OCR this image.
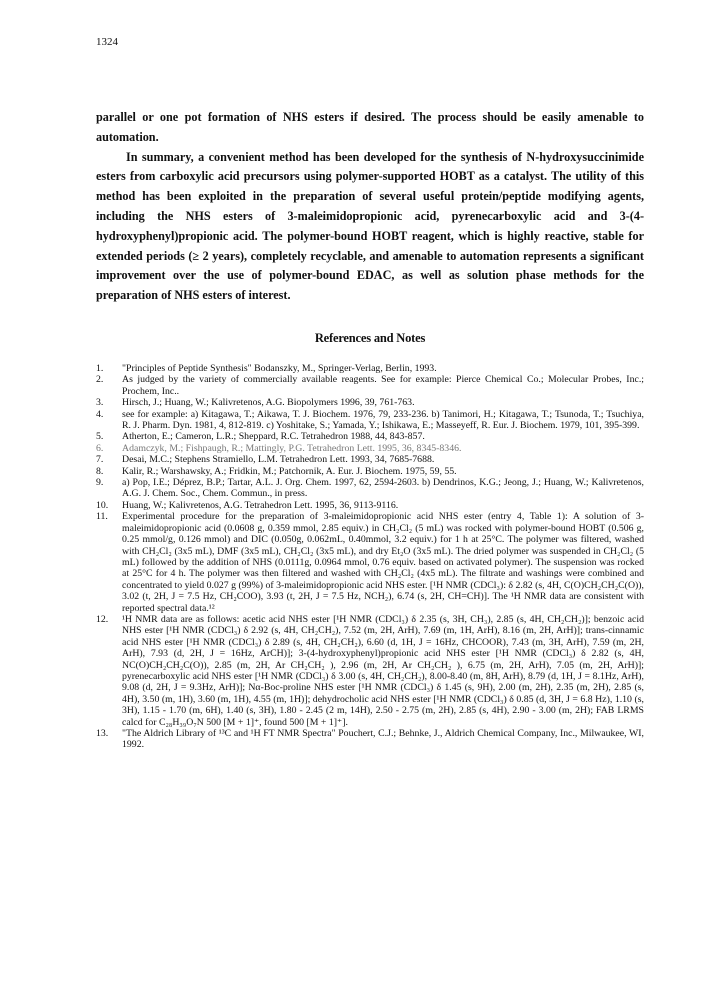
1324

parallel or one pot formation of NHS esters if desired. The process should be easily amenable to automation.

In summary, a convenient method has been developed for the synthesis of N-hydroxysuccinimide esters from carboxylic acid precursors using polymer-supported HOBT as a catalyst. The utility of this method has been exploited in the preparation of several useful protein/peptide modifying agents, including the NHS esters of 3-maleimidopropionic acid, pyrenecarboxylic acid and 3-(4-hydroxyphenyl)propionic acid. The polymer-bound HOBT reagent, which is highly reactive, stable for extended periods (≥ 2 years), completely recyclable, and amenable to automation represents a significant improvement over the use of polymer-bound EDAC, as well as solution phase methods for the preparation of NHS esters of interest.

References and Notes
1.	"Principles of Peptide Synthesis" Bodanszky, M., Springer-Verlag, Berlin, 1993.
2.	As judged by the variety of commercially available reagents. See for example: Pierce Chemical Co.; Molecular Probes, Inc.; Prochem, Inc..
3.	Hirsch, J.; Huang, W.; Kalivretenos, A.G. Biopolymers 1996, 39, 761-763.
4.	see for example: a) Kitagawa, T.; Aikawa, T. J. Biochem. 1976, 79, 233-236. b) Tanimori, H.; Kitagawa, T.; Tsunoda, T.; Tsuchiya, R. J. Pharm. Dyn. 1981, 4, 812-819. c) Yoshitake, S.; Yamada, Y.; Ishikawa, E.; Masseyeff, R. Eur. J. Biochem. 1979, 101, 395-399.
5.	Atherton, E.; Cameron, L.R.; Sheppard, R.C. Tetrahedron 1988, 44, 843-857.
6.	Adamczyk, M.; Fishpaugh, R.; Mattingly, P.G. Tetrahedron Lett. 1995, 36, 8345-8346.
7.	Desai, M.C.; Stephens Stramiello, L.M. Tetrahedron Lett. 1993, 34, 7685-7688.
8.	Kalir, R.; Warshawsky, A.; Fridkin, M.; Patchornik, A. Eur. J. Biochem. 1975, 59, 55.
9.	a) Pop, I.E.; Déprez, B.P.; Tartar, A.L. J. Org. Chem. 1997, 62, 2594-2603. b) Dendrinos, K.G.; Jeong, J.; Huang, W.; Kalivretenos, A.G. J. Chem. Soc., Chem. Commun., in press.
10.	Huang, W.; Kalivretenos, A.G. Tetrahedron Lett. 1995, 36, 9113-9116.
11.	Experimental procedure for the preparation of 3-maleimidopropionic acid NHS ester (entry 4, Table 1): A solution of 3-maleimidopropionic acid (0.0608 g, 0.359 mmol, 2.85 equiv.) in CH₂Cl₂ (5 mL) was rocked with polymer-bound HOBT (0.506 g, 0.25 mmol/g, 0.126 mmol) and DIC (0.050g, 0.062mL, 0.40mmol, 3.2 equiv.) for 1 h at 25°C. The polymer was filtered, washed with CH₂Cl₂ (3x5 mL), DMF (3x5 mL), CH₂Cl₂ (3x5 mL), and dry Et₂O (3x5 mL). The dried polymer was suspended in CH₂Cl₂ (5 mL) followed by the addition of NHS (0.0111g, 0.0964 mmol, 0.76 equiv. based on activated polymer). The suspension was rocked at 25°C for 4 h. The polymer was then filtered and washed with CH₂Cl₂ (4x5 mL). The filtrate and washings were combined and concentrated to yield 0.027 g (99%) of 3-maleimidopropionic acid NHS ester. [¹H NMR (CDCl₃): δ 2.82 (s, 4H, C(O)CH₂CH₂C(O)), 3.02 (t, 2H, J = 7.5 Hz, CH₂COO), 3.93 (t, 2H, J = 7.5 Hz, NCH₂), 6.74 (s, 2H, CH=CH)]. The ¹H NMR data are consistent with reported spectral data.¹²
12.	¹H NMR data are as follows: acetic acid NHS ester [¹H NMR (CDCl₃) δ 2.35 (s, 3H, CH₃), 2.85 (s, 4H, CH₂CH₂)]; benzoic acid NHS ester [¹H NMR (CDCl₃) δ 2.92 (s, 4H, CH₂CH₂), 7.52 (m, 2H, ArH), 7.69 (m, 1H, ArH), 8.16 (m, 2H, ArH)]; trans-cinnamic acid NHS ester [¹H NMR (CDCl₃) δ 2.89 (s, 4H, CH₂CH₂), 6.60 (d, 1H, J = 16Hz, CHCOOR), 7.43 (m, 3H, ArH), 7.59 (m, 2H, ArH), 7.93 (d, 2H, J = 16Hz, ArCH)]; 3-(4-hydroxyphenyl)propionic acid NHS ester [¹H NMR (CDCl₃) δ 2.82 (s, 4H, NC(O)CH₂CH₂C(O)), 2.85 (m, 2H, Ar CH₂CH₂ ), 2.96 (m, 2H, Ar CH₂CH₂ ), 6.75 (m, 2H, ArH), 7.05 (m, 2H, ArH)]; pyrenecarboxylic acid NHS ester [¹H NMR (CDCl₃) δ 3.00 (s, 4H, CH₂CH₂), 8.00-8.40 (m, 8H, ArH), 8.79 (d, 1H, J = 8.1Hz, ArH), 9.08 (d, 2H, J = 9.3Hz, ArH)]; Nα-Boc-proline NHS ester [¹H NMR (CDCl₃) δ 1.45 (s, 9H), 2.00 (m, 2H), 2.35 (m, 2H), 2.85 (s, 4H), 3.50 (m, 1H), 3.60 (m, 1H), 4.55 (m, 1H)]; dehydrocholic acid NHS ester [¹H NMR (CDCl₃) δ 0.85 (d, 3H, J = 6.8 Hz), 1.10 (s, 3H), 1.15 - 1.70 (m, 6H), 1.40 (s, 3H), 1.80 - 2.45 (2 m, 14H), 2.50 - 2.75 (m, 2H), 2.85 (s, 4H), 2.90 - 3.00 (m, 2H); FAB LRMS calcd for C₂₈H₃₉O₇N 500 [M + 1]⁺, found 500 [M + 1]⁺].
13.	"The Aldrich Library of ¹³C and ¹H FT NMR Spectra" Pouchert, C.J.; Behnke, J., Aldrich Chemical Company, Inc., Milwaukee, WI, 1992.
